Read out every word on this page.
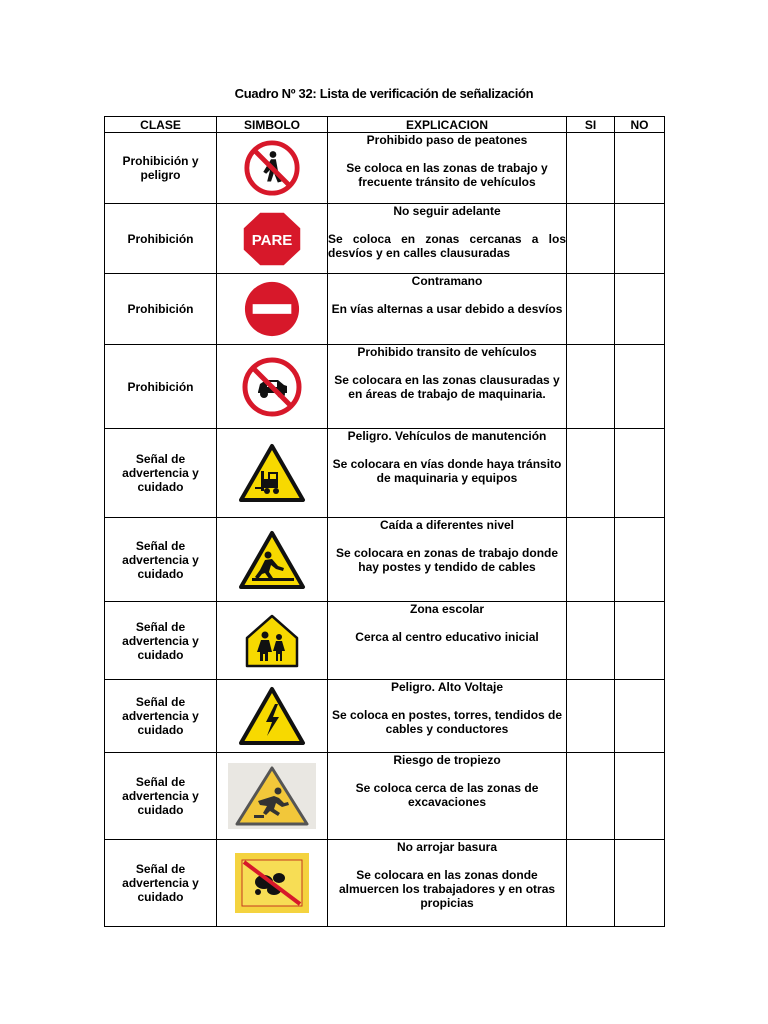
Cuadro Nº 32: Lista de verificación de señalización
CLASE	SIMBOLO	EXPLICACION	SI	NO
Prohibición y peligro		Prohibido paso de peatones
Se coloca en las zonas de trabajo y frecuente tránsito de vehículos		

Prohibición	PARE	No seguir adelante
Se coloca en zonas cercanas a los desvíos y en calles clausuradas		

Prohibición		Contramano
En vías alternas a usar debido a desvíos		

Prohibición		Prohibido transito de vehículos
Se colocara en las zonas clausuradas y en áreas de trabajo de maquinaria.		

Señal de advertencia y cuidado		Peligro. Vehículos de manutención
Se colocara en vías donde haya tránsito de maquinaria y equipos		

Señal de advertencia y cuidado		Caída a diferentes nivel
Se colocara en zonas de trabajo donde hay postes y tendido de cables		

Señal de advertencia y cuidado		Zona escolar
Cerca al centro educativo inicial		

Señal de advertencia y cuidado		Peligro. Alto Voltaje
Se coloca en postes, torres, tendidos de cables y conductores		

Señal de advertencia y cuidado		Riesgo de tropiezo
Se coloca cerca de las zonas de excavaciones		

Señal de advertencia y cuidado		No arrojar basura
Se colocara en las zonas donde almuercen los trabajadores y en otras propicias		
